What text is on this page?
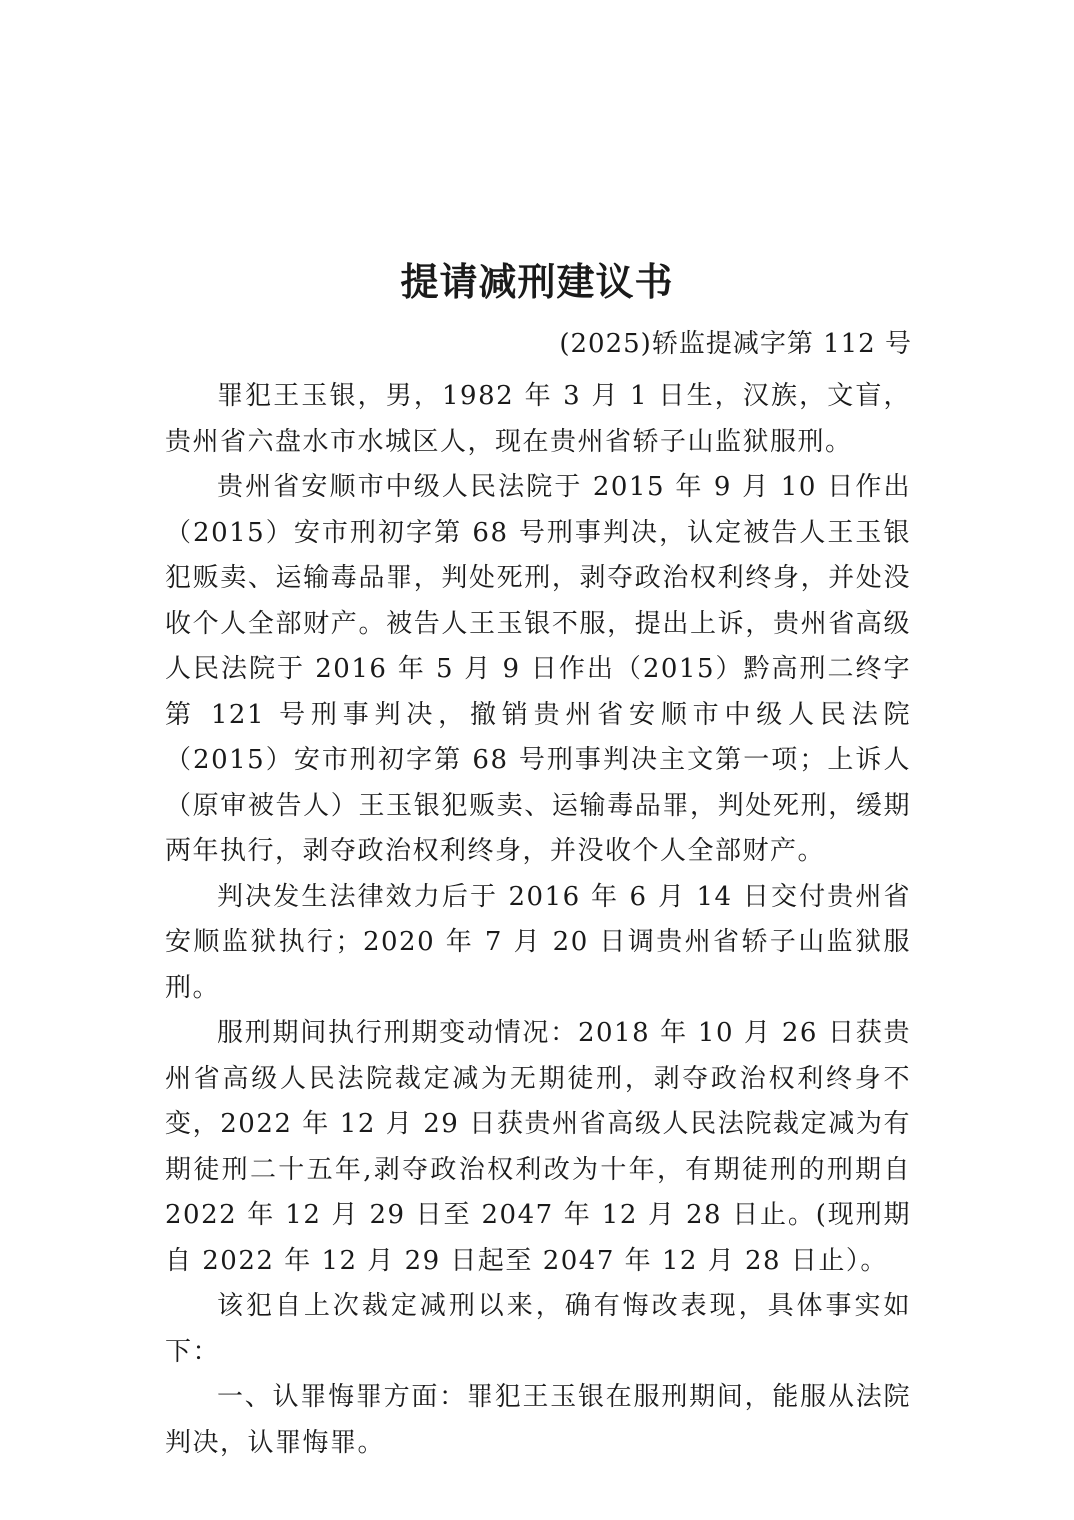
提请减刑建议书
(2025)轿监提减字第 112 号

罪犯王玉银，男，1982 年 3 月 1 日生，汉族，文盲，贵州省六盘水市水城区人，现在贵州省轿子山监狱服刑。

贵州省安顺市中级人民法院于 2015 年 9 月 10 日作出（2015）安市刑初字第 68 号刑事判决，认定被告人王玉银犯贩卖、运输毒品罪，判处死刑，剥夺政治权利终身，并处没收个人全部财产。被告人王玉银不服，提出上诉，贵州省高级人民法院于 2016 年 5 月 9 日作出（2015）黔高刑二终字第 121 号刑事判决，撤销贵州省安顺市中级人民法院（2015）安市刑初字第 68 号刑事判决主文第一项；上诉人（原审被告人）王玉银犯贩卖、运输毒品罪，判处死刑，缓期两年执行，剥夺政治权利终身，并没收个人全部财产。

判决发生法律效力后于 2016 年 6 月 14 日交付贵州省安顺监狱执行；2020 年 7 月 20 日调贵州省轿子山监狱服刑。

服刑期间执行刑期变动情况：2018 年 10 月 26 日获贵州省高级人民法院裁定减为无期徒刑，剥夺政治权利终身不变，2022 年 12 月 29 日获贵州省高级人民法院裁定减为有期徒刑二十五年,剥夺政治权利改为十年，有期徒刑的刑期自 2022 年 12 月 29 日至 2047 年 12 月 28 日止。(现刑期自 2022 年 12 月 29 日起至 2047 年 12 月 28 日止）。

该犯自上次裁定减刑以来，确有悔改表现，具体事实如下：

一、认罪悔罪方面：罪犯王玉银在服刑期间，能服从法院判决，认罪悔罪。
